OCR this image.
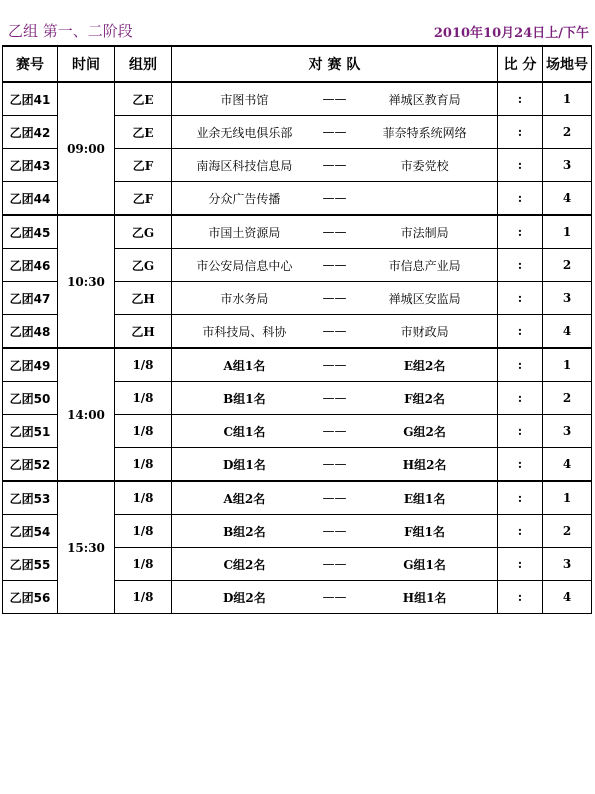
乙组 第一、二阶段	2010年10月24日上/下午
赛号	时间	组别	对 赛 队	比 分	场地号
乙团41	09:00	乙E	市图书馆 —— 禅城区教育局	:	1
乙团42		乙E	业余无线电俱乐部 —— 菲奈特系统网络	:	2
乙团43		乙F	南海区科技信息局 —— 市委党校	:	3
乙团44		乙F	分众广告传播 ——	:	4
乙团45	10:30	乙G	市国土资源局 —— 市法制局	:	1
乙团46		乙G	市公安局信息中心 —— 市信息产业局	:	2
乙团47		乙H	市水务局 —— 禅城区安监局	:	3
乙团48		乙H	市科技局、科协 —— 市财政局	:	4
乙团49	14:00	1/8	A组1名 —— E组2名	:	1
乙团50		1/8	B组1名 —— F组2名	:	2
乙团51		1/8	C组1名 —— G组2名	:	3
乙团52		1/8	D组1名 —— H组2名	:	4
乙团53	15:30	1/8	A组2名 —— E组1名	:	1
乙团54		1/8	B组2名 —— F组1名	:	2
乙团55		1/8	C组2名 —— G组1名	:	3
乙团56		1/8	D组2名 —— H组1名	:	4
